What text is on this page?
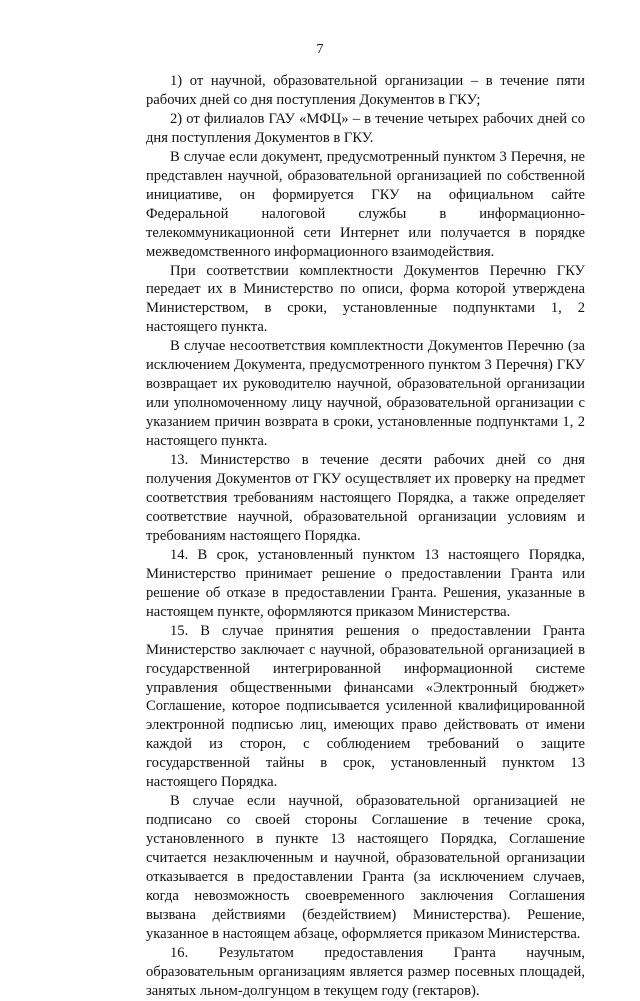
7

1) от научной, образовательной организации – в течение пяти рабочих дней со дня поступления Документов в ГКУ;

2) от филиалов ГАУ «МФЦ» – в течение четырех рабочих дней со дня поступления Документов в ГКУ.

В случае если документ, предусмотренный пунктом 3 Перечня, не представлен научной, образовательной организацией по собственной инициативе, он формируется ГКУ на официальном сайте Федеральной налоговой службы в информационно-телекоммуникационной сети Интернет или получается в порядке межведомственного информационного взаимодействия.

При соответствии комплектности Документов Перечню ГКУ передает их в Министерство по описи, форма которой утверждена Министерством, в сроки, установленные подпунктами 1, 2 настоящего пункта.

В случае несоответствия комплектности Документов Перечню (за исключением Документа, предусмотренного пунктом 3 Перечня) ГКУ возвращает их руководителю научной, образовательной организации или уполномоченному лицу научной, образовательной организации с указанием причин возврата в сроки, установленные подпунктами 1, 2 настоящего пункта.

13. Министерство в течение десяти рабочих дней со дня получения Документов от ГКУ осуществляет их проверку на предмет соответствия требованиям настоящего Порядка, а также определяет соответствие научной, образовательной организации условиям и требованиям настоящего Порядка.

14. В срок, установленный пунктом 13 настоящего Порядка, Министерство принимает решение о предоставлении Гранта или решение об отказе в предоставлении Гранта. Решения, указанные в настоящем пункте, оформляются приказом Министерства.

15. В случае принятия решения о предоставлении Гранта Министерство заключает с научной, образовательной организацией в государственной интегрированной информационной системе управления общественными финансами «Электронный бюджет» Соглашение, которое подписывается усиленной квалифицированной электронной подписью лиц, имеющих право действовать от имени каждой из сторон, с соблюдением требований о защите государственной тайны в срок, установленный пунктом 13 настоящего Порядка.

В случае если научной, образовательной организацией не подписано со своей стороны Соглашение в течение срока, установленного в пункте 13 настоящего Порядка, Соглашение считается незаключенным и научной, образовательной организации отказывается в предоставлении Гранта (за исключением случаев, когда невозможность своевременного заключения Соглашения вызвана действиями (бездействием) Министерства). Решение, указанное в настоящем абзаце, оформляется приказом Министерства.

16. Результатом предоставления Гранта научным, образовательным организациям является размер посевных площадей, занятых льном-долгунцом в текущем году (гектаров).
